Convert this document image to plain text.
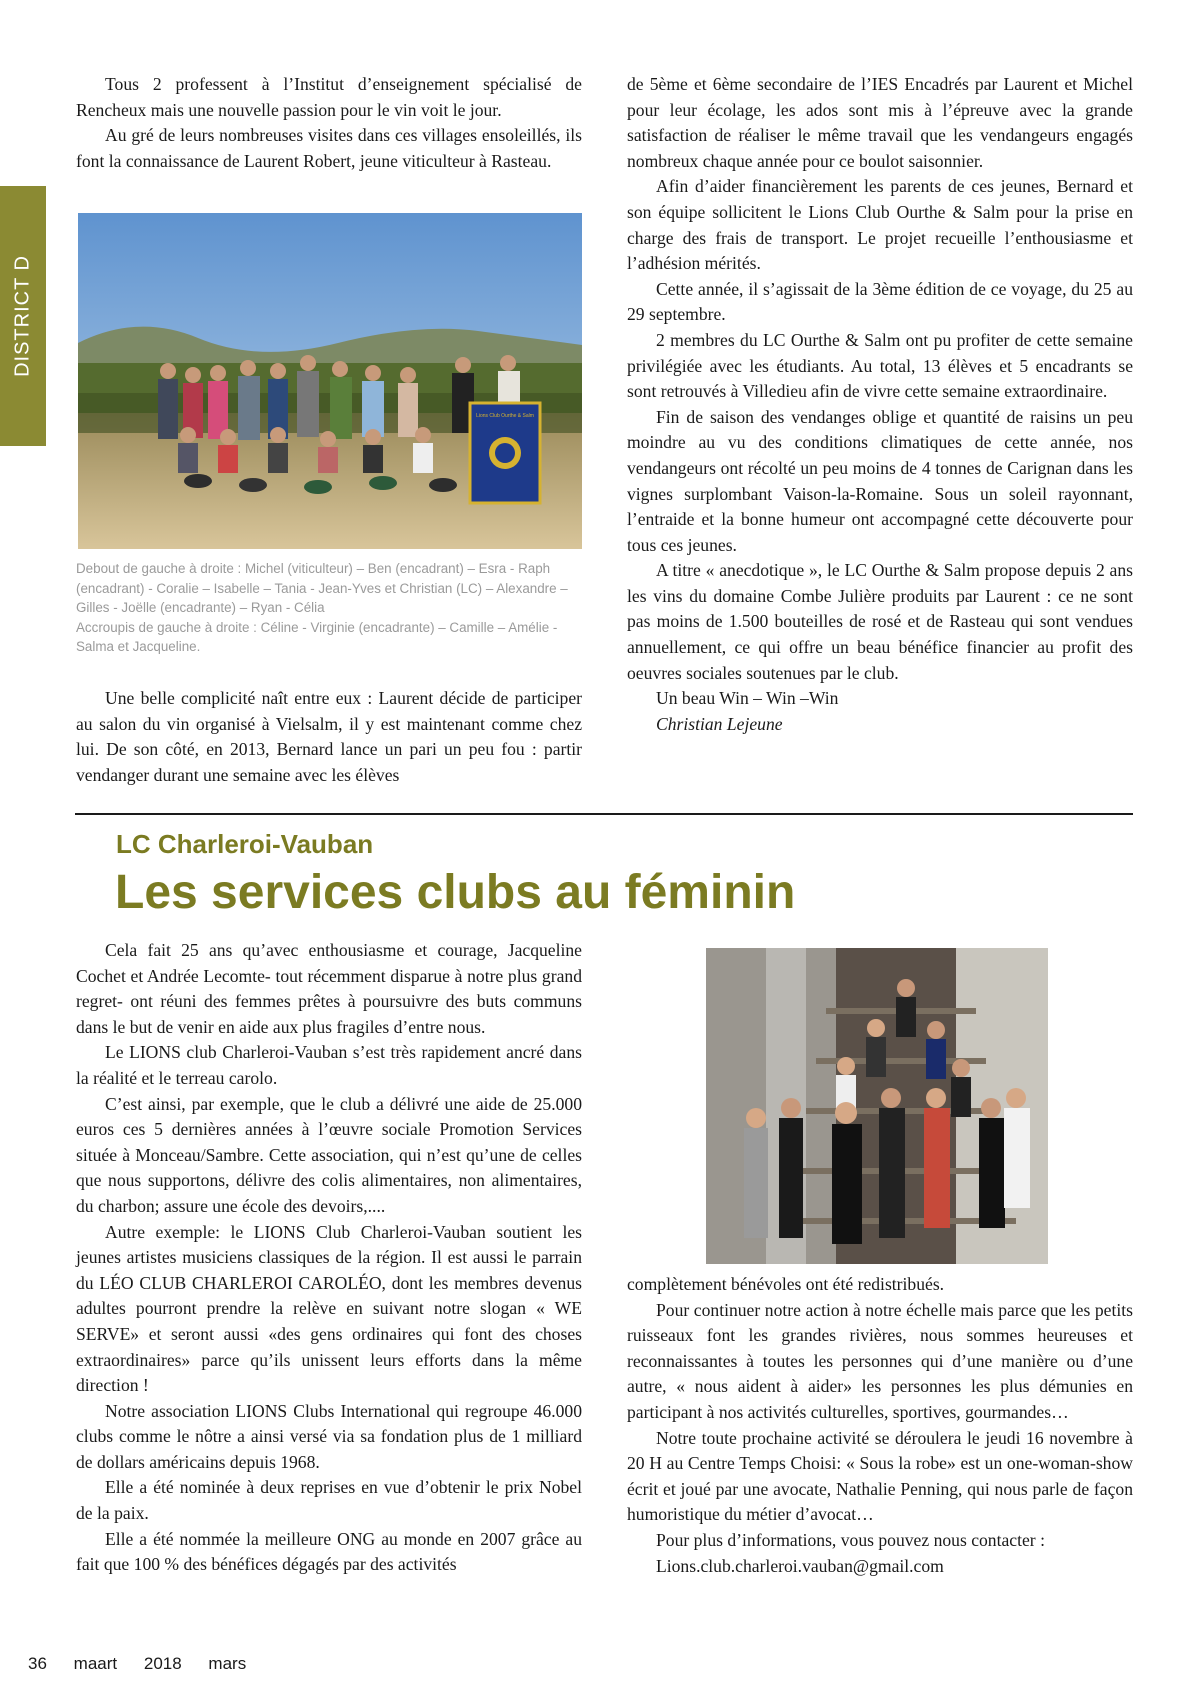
DISTRICT D

Tous 2 professent à l’Institut d’enseignement spécialisé de Rencheux mais une nouvelle passion pour le vin voit le jour.

Au gré de leurs nombreuses visites dans ces villages ensoleillés, ils font la connaissance de Laurent Robert, jeune viticulteur à Rasteau.

Lions Club Ourthe & Salm
Debout de gauche à droite : Michel (viticulteur) – Ben (encadrant) – Esra - Raph (encadrant) - Coralie – Isabelle – Tania - Jean-Yves et Christian (LC) – Alexandre – Gilles - Joëlle (encadrante) – Ryan - Célia
Accroupis de gauche à droite : Céline - Virginie (encadrante) – Camille – Amélie - Salma et Jacqueline.

Une belle complicité naît entre eux : Laurent décide de participer au salon du vin organisé à Vielsalm, il y est maintenant comme chez lui. De son côté, en 2013, Bernard lance un pari un peu fou : partir vendanger durant une semaine avec les élèves

de 5ème et 6ème secondaire de l’IES Encadrés par Laurent et Michel pour leur écolage, les ados sont mis à l’épreuve avec la grande satisfaction de réaliser le même travail que les vendangeurs engagés nombreux chaque année pour ce boulot saisonnier.

Afin d’aider financièrement les parents de ces jeunes, Bernard et son équipe sollicitent le Lions Club Ourthe & Salm pour la prise en charge des frais de transport. Le projet recueille l’enthousiasme et l’adhésion mérités.

Cette année, il s’agissait de la 3ème édition de ce voyage, du 25 au 29 septembre.

2 membres du LC Ourthe & Salm ont pu profiter de cette semaine privilégiée avec les étudiants. Au total, 13 élèves et 5 encadrants se sont retrouvés à Villedieu afin de vivre cette semaine extraordinaire.

Fin de saison des vendanges oblige et quantité de raisins un peu moindre au vu des conditions climatiques de cette année, nos vendangeurs ont récolté un peu moins de 4 tonnes de Carignan dans les vignes surplombant Vaison-la-Romaine. Sous un soleil rayonnant, l’entraide et la bonne humeur ont accompagné cette découverte pour tous ces jeunes.

A titre « anecdotique », le LC Ourthe & Salm propose depuis 2 ans les vins du domaine Combe Julière produits par Laurent : ce ne sont pas moins de 1.500 bouteilles de rosé et de Rasteau qui sont vendues annuellement, ce qui offre un beau bénéfice financier au profit des oeuvres sociales soutenues par le club.

Un beau Win – Win –Win

Christian Lejeune

LC Charleroi-Vauban
Les services clubs au féminin

Cela fait 25 ans qu’avec enthousiasme et courage, Jacqueline Cochet et Andrée Lecomte- tout récemment disparue à notre plus grand regret- ont réuni des femmes prêtes à poursuivre des buts communs dans le but de venir en aide aux plus fragiles d’entre nous.

Le LIONS club Charleroi-Vauban s’est très rapidement ancré dans la réalité et le terreau carolo.

C’est ainsi, par exemple, que le club a délivré une aide de 25.000 euros ces 5 dernières années à l’œuvre sociale Promotion Services située à Monceau/Sambre. Cette association, qui n’est qu’une de celles que nous supportons, délivre des colis alimentaires, non alimentaires, du charbon; assure une école des devoirs,....

Autre exemple: le LIONS Club Charleroi-Vauban soutient les jeunes artistes musiciens classiques de la région. Il est aussi le parrain du LÉO CLUB CHARLEROI CAROLÉO, dont les membres devenus adultes pourront prendre la relève en suivant notre slogan « WE SERVE» et seront aussi «des gens ordinaires qui font des choses extraordinaires» parce qu’ils unissent leurs efforts dans la même direction !

Notre association LIONS Clubs International qui regroupe 46.000 clubs comme le nôtre a ainsi versé via sa fondation plus de 1 milliard de dollars américains depuis 1968.

Elle a été nominée à deux reprises en vue d’obtenir le prix Nobel de la paix.

Elle a été nommée la meilleure ONG au monde en 2007 grâce au fait que 100 % des bénéfices dégagés par des activités

complètement bénévoles ont été redistribués.

Pour continuer notre action à notre échelle mais parce que les petits ruisseaux font les grandes rivières, nous sommes heureuses et reconnaissantes à toutes les personnes qui d’une manière ou d’une autre, « nous aident à aider» les personnes les plus démunies en participant à nos activités culturelles, sportives, gourmandes…

Notre toute prochaine activité se déroulera le jeudi 16 novembre à 20 H au Centre Temps Choisi: « Sous la robe» est un one-woman-show écrit et joué par une avocate, Nathalie Penning, qui nous parle de façon humoristique du métier d’avocat…

Pour plus d’informations, vous pouvez nous contacter :

Lions.club.charleroi.vauban@gmail.com

36 maart 2018 mars
